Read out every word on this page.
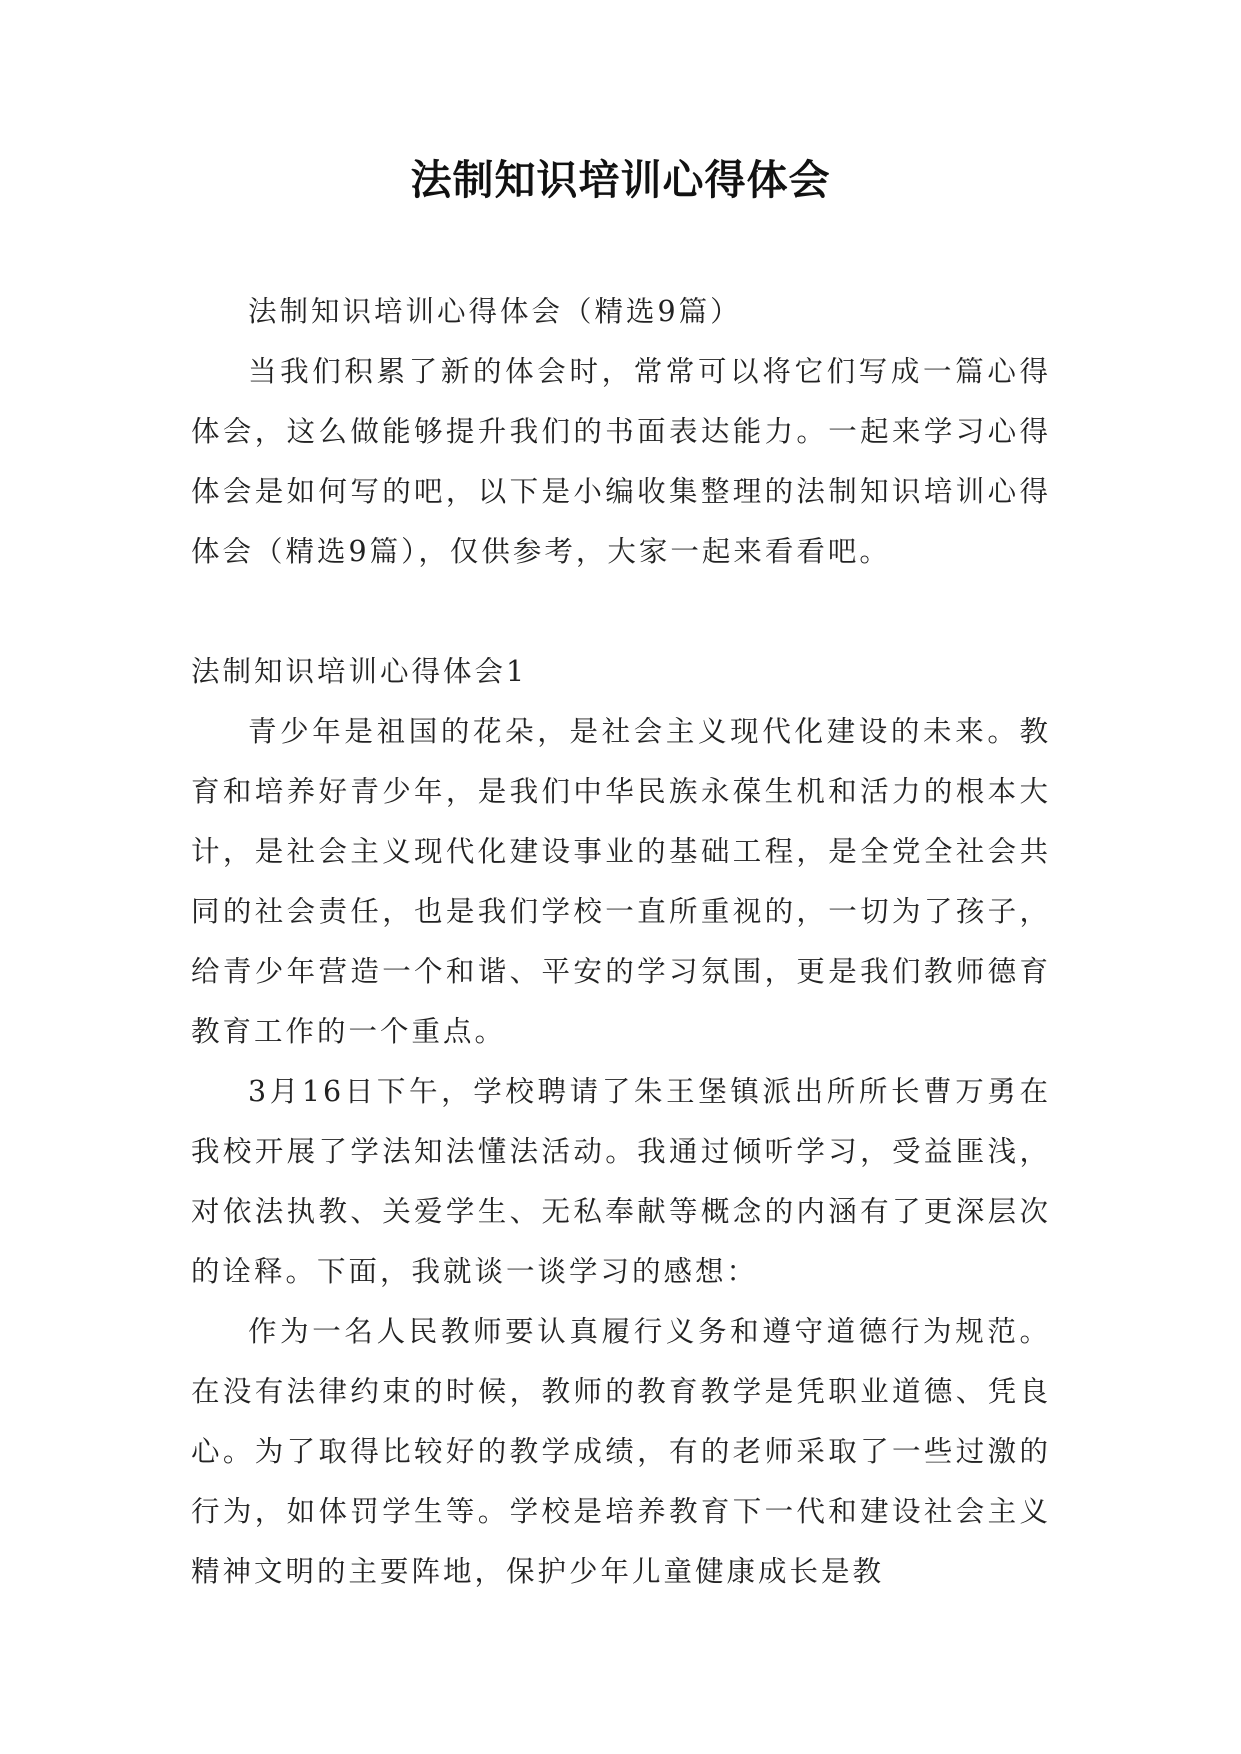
法制知识培训心得体会

法制知识培训心得体会（精选9篇）

当我们积累了新的体会时，常常可以将它们写成一篇心得体会，这么做能够提升我们的书面表达能力。一起来学习心得体会是如何写的吧，以下是小编收集整理的法制知识培训心得体会（精选9篇），仅供参考，大家一起来看看吧。

法制知识培训心得体会1

青少年是祖国的花朵，是社会主义现代化建设的未来。教育和培养好青少年，是我们中华民族永葆生机和活力的根本大计，是社会主义现代化建设事业的基础工程，是全党全社会共同的社会责任，也是我们学校一直所重视的，一切为了孩子，给青少年营造一个和谐、平安的学习氛围，更是我们教师德育教育工作的一个重点。

3月16日下午，学校聘请了朱王堡镇派出所所长曹万勇在我校开展了学法知法懂法活动。我通过倾听学习，受益匪浅，对依法执教、关爱学生、无私奉献等概念的内涵有了更深层次的诠释。下面，我就谈一谈学习的感想：

作为一名人民教师要认真履行义务和遵守道德行为规范。在没有法律约束的时候，教师的教育教学是凭职业道德、凭良心。为了取得比较好的教学成绩，有的老师采取了一些过激的行为，如体罚学生等。学校是培养教育下一代和建设社会主义精神文明的主要阵地，保护少年儿童健康成长是教
